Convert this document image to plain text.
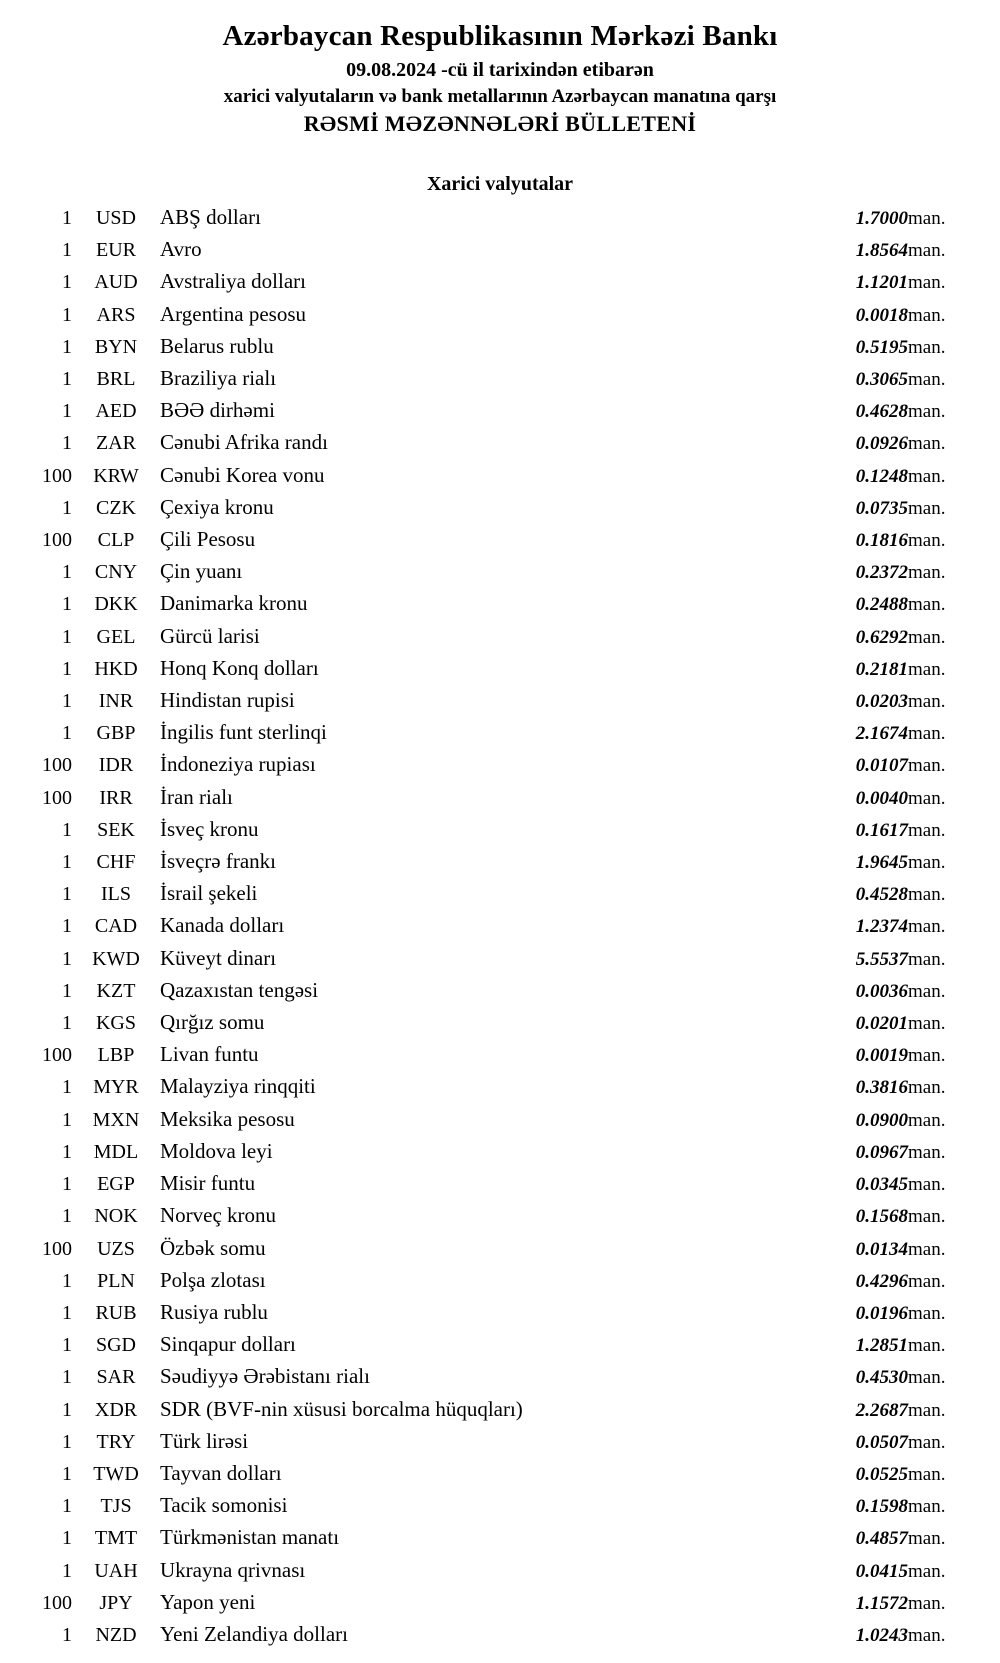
Azərbaycan Respublikasının Mərkəzi Bankı
09.08.2024 -cü il tarixindən etibarən
xarici valyutaların və bank metallarının Azərbaycan manatına qarşı
RƏSMİ MƏZƏNNƏLƏRİ BÜLLETENİ
Xarici valyutalar
1	USD	ABŞ dolları	1.7000	man.
1	EUR	Avro	1.8564	man.
1	AUD	Avstraliya dolları	1.1201	man.
1	ARS	Argentina pesosu	0.0018	man.
1	BYN	Belarus rublu	0.5195	man.
1	BRL	Braziliya rialı	0.3065	man.
1	AED	BƏƏ dirhəmi	0.4628	man.
1	ZAR	Cənubi Afrika randı	0.0926	man.
100	KRW	Cənubi Korea vonu	0.1248	man.
1	CZK	Çexiya kronu	0.0735	man.
100	CLP	Çili Pesosu	0.1816	man.
1	CNY	Çin yuanı	0.2372	man.
1	DKK	Danimarka kronu	0.2488	man.
1	GEL	Gürcü larisi	0.6292	man.
1	HKD	Honq Konq dolları	0.2181	man.
1	INR	Hindistan rupisi	0.0203	man.
1	GBP	İngilis funt sterlinqi	2.1674	man.
100	IDR	İndoneziya rupiası	0.0107	man.
100	IRR	İran rialı	0.0040	man.
1	SEK	İsveç kronu	0.1617	man.
1	CHF	İsveçrə frankı	1.9645	man.
1	ILS	İsrail şekeli	0.4528	man.
1	CAD	Kanada dolları	1.2374	man.
1	KWD	Küveyt dinarı	5.5537	man.
1	KZT	Qazaxıstan tengəsi	0.0036	man.
1	KGS	Qırğız somu	0.0201	man.
100	LBP	Livan funtu	0.0019	man.
1	MYR	Malayziya rinqqiti	0.3816	man.
1	MXN	Meksika pesosu	0.0900	man.
1	MDL	Moldova leyi	0.0967	man.
1	EGP	Misir funtu	0.0345	man.
1	NOK	Norveç kronu	0.1568	man.
100	UZS	Özbək somu	0.0134	man.
1	PLN	Polşa zlotası	0.4296	man.
1	RUB	Rusiya rublu	0.0196	man.
1	SGD	Sinqapur dolları	1.2851	man.
1	SAR	Səudiyyə Ərəbistanı rialı	0.4530	man.
1	XDR	SDR (BVF-nin xüsusi borcalma hüquqları)	2.2687	man.
1	TRY	Türk lirəsi	0.0507	man.
1	TWD	Tayvan dolları	0.0525	man.
1	TJS	Tacik somonisi	0.1598	man.
1	TMT	Türkmənistan manatı	0.4857	man.
1	UAH	Ukrayna qrivnası	0.0415	man.
100	JPY	Yapon yeni	1.1572	man.
1	NZD	Yeni Zelandiya dolları	1.0243	man.
